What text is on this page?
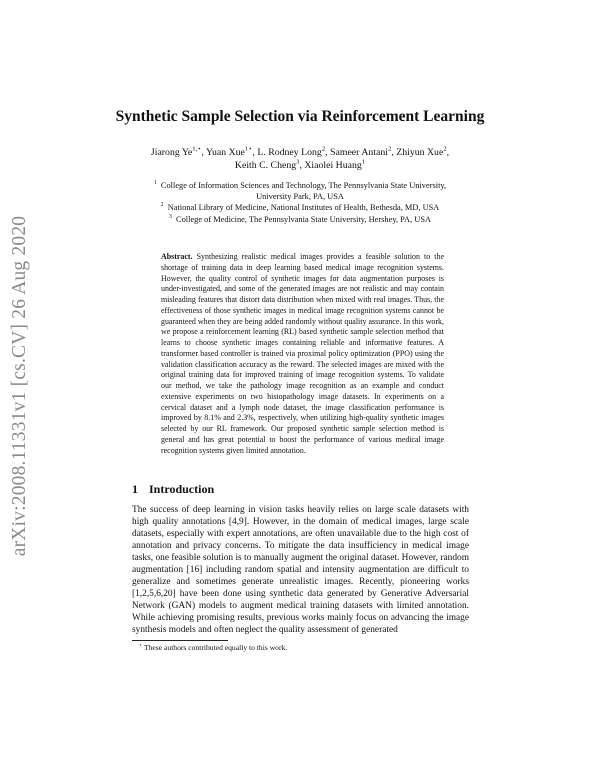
arXiv:2008.11331v1 [cs.CV] 26 Aug 2020
Synthetic Sample Selection via Reinforcement Learning
Jiarong $Ye^{1,⋆}$, Yuan Xue$^{1⋆}$, L. Rodney Long$^2$, Sameer Antani$^2$, Zhiyun Xue$^2$,
Keith C. Cheng$^3$, Xiaolei Huang$^1$
$^1$ College of Information Sciences and Technology, The Pennsylvania State University,
University Park, PA, USA
$^2$ National Library of Medicine, National Institutes of Health, Bethesda, MD, USA
$^3$ College of Medicine, The Pennsylvania State University, Hershey, PA, USA
Abstract. Synthesizing realistic medical images provides a feasible solution to the shortage of training data in deep learning based medical image recognition systems. However, the quality control of synthetic images for data augmentation purposes is under-investigated, and some of the generated images are not realistic and may contain misleading features that distort data distribution when mixed with real images. Thus, the effectiveness of those synthetic images in medical image recognition systems cannot be guaranteed when they are being added randomly without quality assurance. In this work, we propose a reinforcement learning (RL) based synthetic sample selection method that learns to choose synthetic images containing reliable and informative features. A transformer based controller is trained via proximal policy optimization (PPO) using the validation classification accuracy as the reward. The selected images are mixed with the original training data for improved training of image recognition systems. To validate our method, we take the pathology image recognition as an example and conduct extensive experiments on two histopathology image datasets. In experiments on a cervical dataset and a lymph node dataset, the image classification performance is improved by 8.1% and 2.3%, respectively, when utilizing high-quality synthetic images selected by our RL framework. Our proposed synthetic sample selection method is general and has great potential to boost the performance of various medical image recognition systems given limited annotation.
1 Introduction
The success of deep learning in vision tasks heavily relies on large scale datasets with high quality annotations [4,9]. However, in the domain of medical images, large scale datasets, especially with expert annotations, are often unavailable due to the high cost of annotation and privacy concerns. To mitigate the data insufficiency in medical image tasks, one feasible solution is to manually augment the original dataset. However, random augmentation [16] including random spatial and intensity augmentation are difficult to generalize and sometimes generate unrealistic images. Recently, pioneering works [1,2,5,6,20] have been done using synthetic data generated by Generative Adversarial Network (GAN) models to augment medical training datasets with limited annotation. While achieving promising results, previous works mainly focus on advancing the image synthesis models and often neglect the quality assessment of generated
⋆ These authors contributed equally to this work.
